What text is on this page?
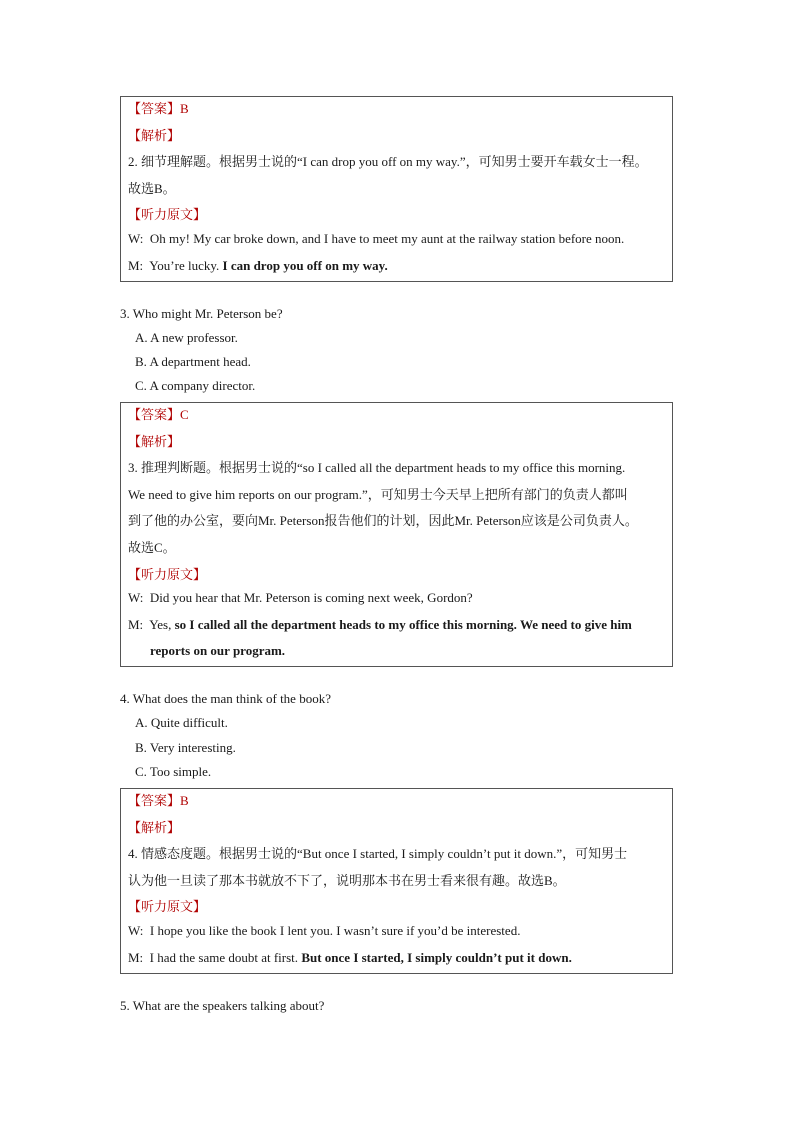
【答案】B
【解析】
2. 细节理解题。根据男士说的“I can drop you off on my way.”，可知男士要开车载女士一程。
故选B。
【听力原文】
W: Oh my! My car broke down, and I have to meet my aunt at the railway station before noon.
M: You’re lucky. I can drop you off on my way.
3. Who might Mr. Peterson be?
A. A new professor.
B. A department head.
C. A company director.
【答案】C
【解析】
3. 推理判断题。根据男士说的“so I called all the department heads to my office this morning.
We need to give him reports on our program.”，可知男士今天早上把所有部门的负责人都叫
到了他的办公室，要向Mr. Peterson报告他们的计划，因此Mr. Peterson应该是公司负责人。
故选C。
【听力原文】
W: Did you hear that Mr. Peterson is coming next week, Gordon?
M: Yes, so I called all the department heads to my office this morning. We need to give him
reports on our program.
4. What does the man think of the book?
A. Quite difficult.
B. Very interesting.
C. Too simple.
【答案】B
【解析】
4. 情感态度题。根据男士说的“But once I started, I simply couldn’t put it down.”，可知男士
认为他一旦读了那本书就放不下了，说明那本书在男士看来很有趣。故选B。
【听力原文】
W: I hope you like the book I lent you. I wasn’t sure if you’d be interested.
M: I had the same doubt at first. But once I started, I simply couldn’t put it down.
5. What are the speakers talking about?
